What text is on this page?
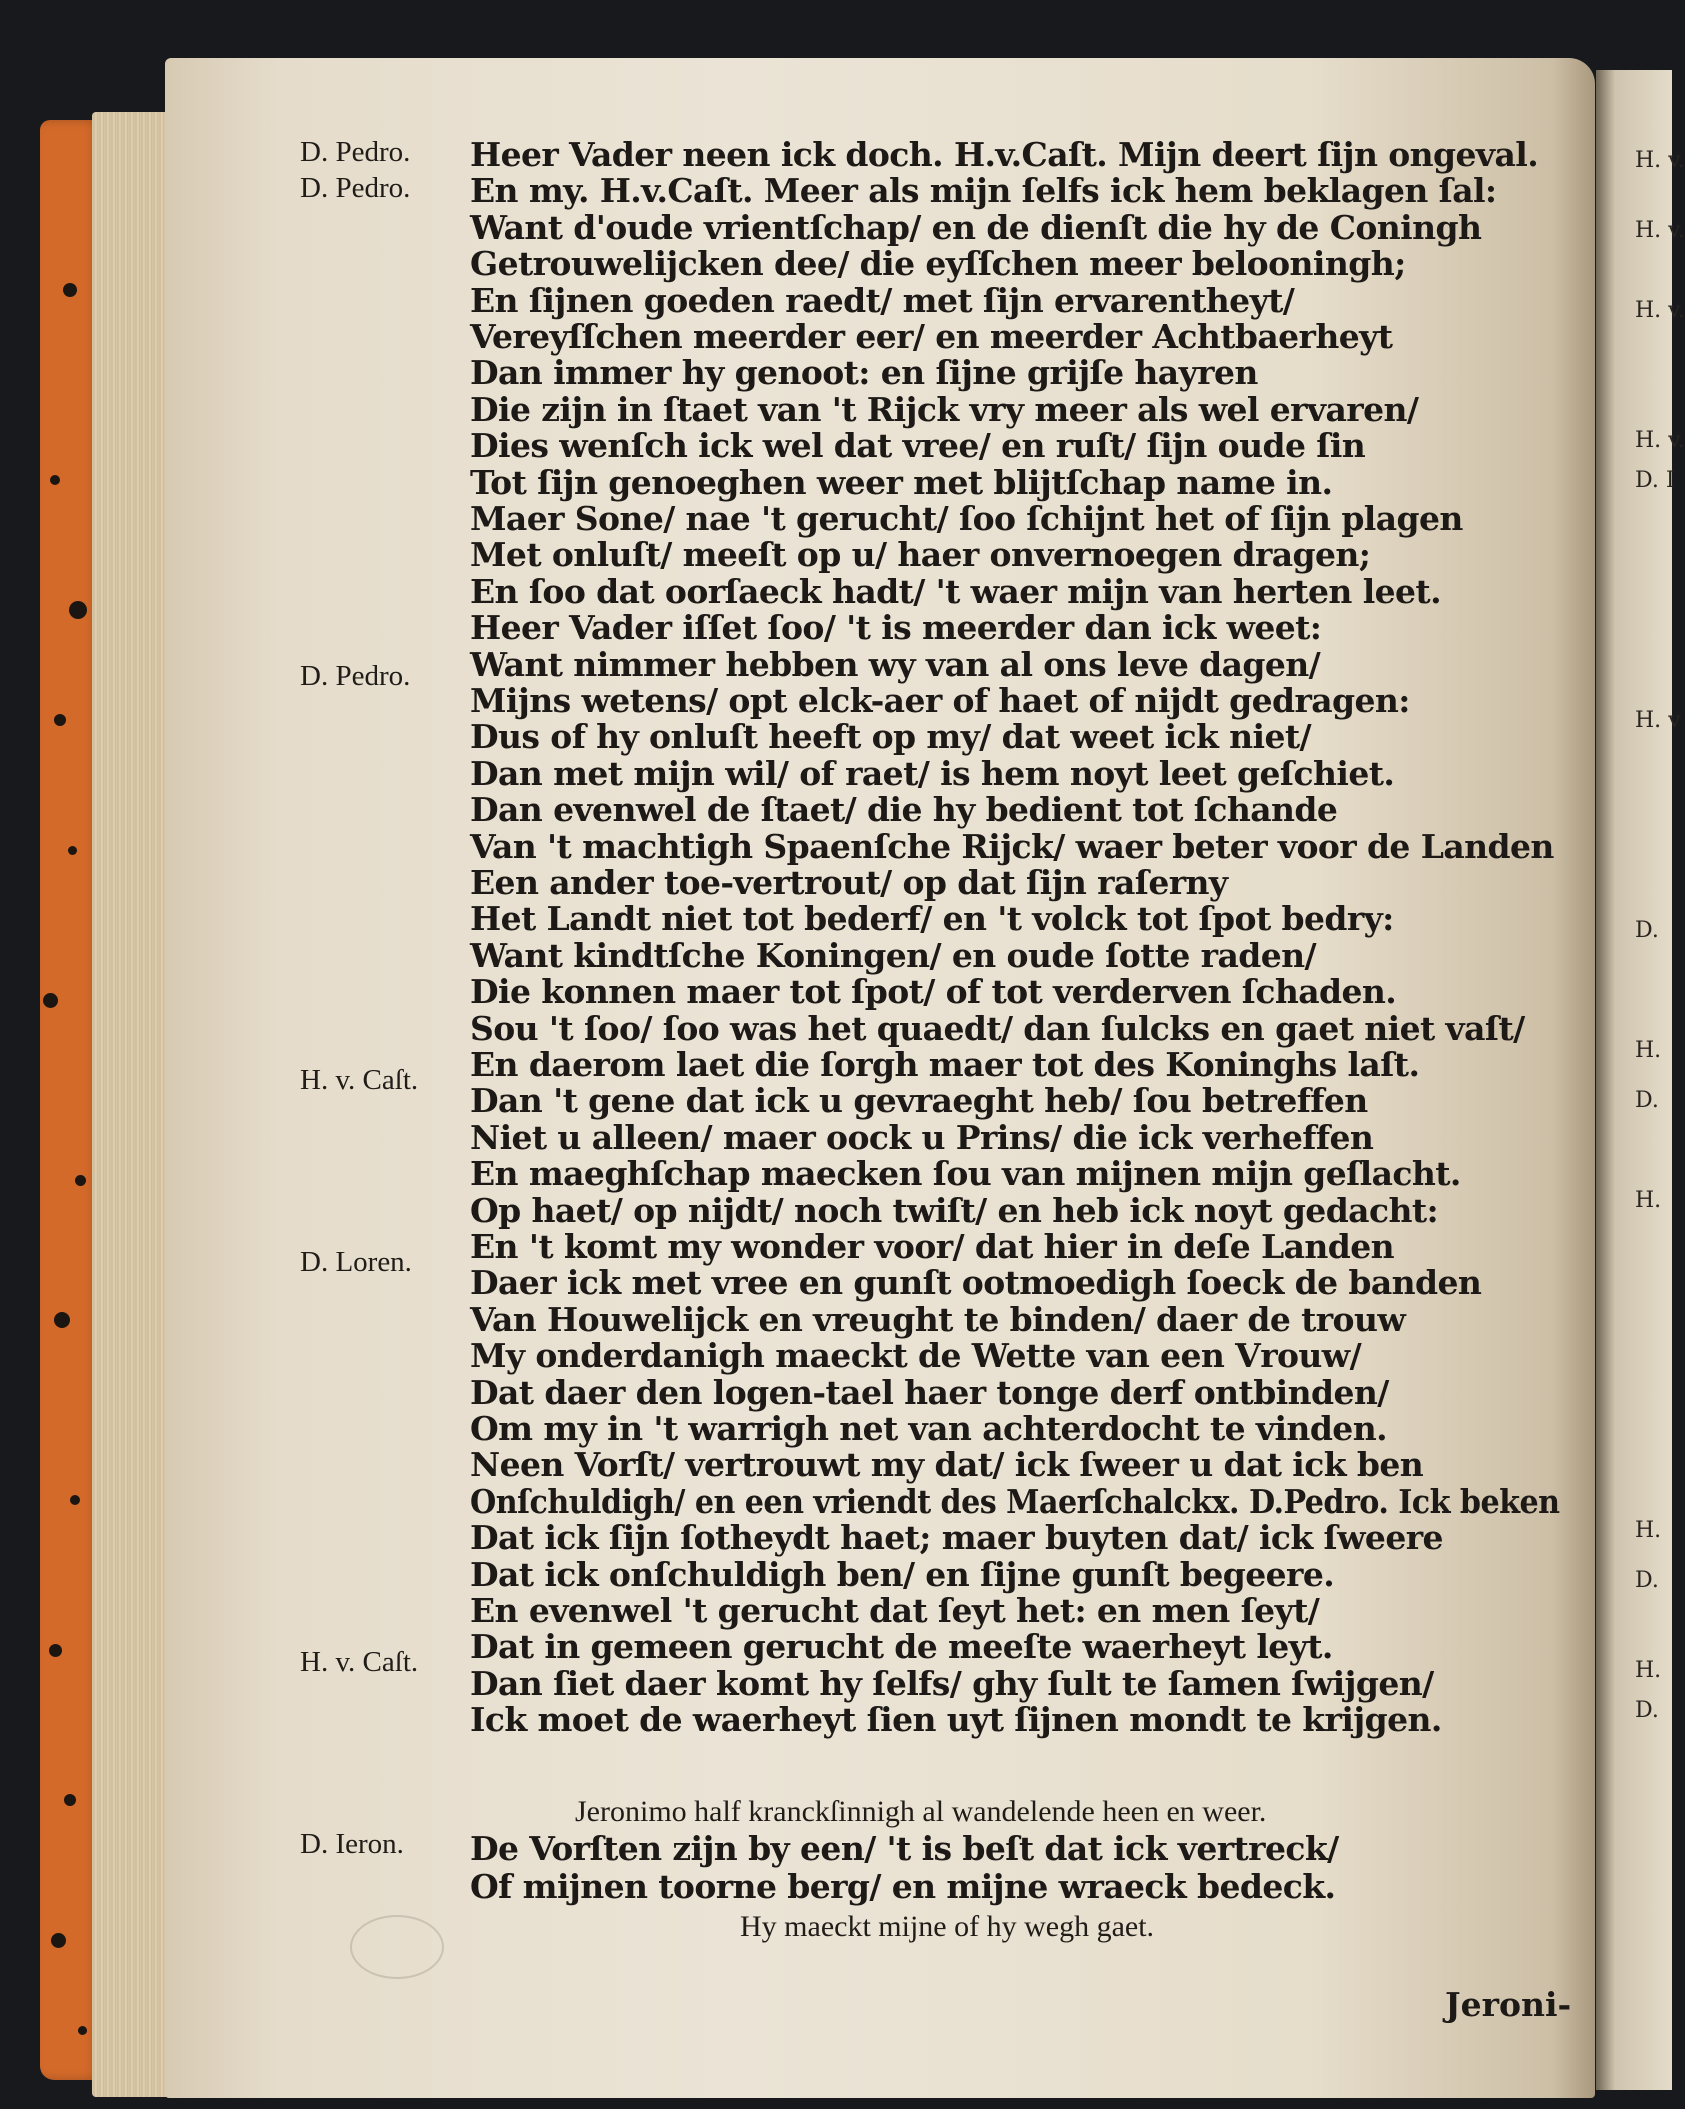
H. v.
H. v.
H. v.
H. v.
D. I
H. v
D.
H.
D.
H.
H.
D.
H.
D.
D. Pedro.
D. Pedro.
D. Pedro.
H. v. Caſt.
D. Loren.
H. v. Caſt.
D. Ieron.
Heer Vader neen ick doch. H.v.Caſt. Mijn deert ſijn ongeval.
En my. H.v.Caſt. Meer als mijn ſelfs ick hem beklagen ſal:
Want d'oude vrientſchap/ en de dienſt die hy de Coningh
Getrouwelijcken dee/ die eyſſchen meer belooningh;
En ſijnen goeden raedt/ met ſijn ervarentheyt/
Vereyſſchen meerder eer/ en meerder Achtbaerheyt
Dan immer hy genoot: en ſijne grijſe hayren
Die zijn in ſtaet van 't Rijck vry meer als wel ervaren/
Dies wenſch ick wel dat vree/ en ruſt/ ſijn oude ſin
Tot ſijn genoeghen weer met blijtſchap name in.
Maer Sone/ nae 't gerucht/ ſoo ſchijnt het of ſijn plagen
Met onluſt/ meeſt op u/ haer onvernoegen dragen;
En ſoo dat oorſaeck hadt/ 't waer mijn van herten leet.
Heer Vader iſſet ſoo/ 't is meerder dan ick weet:
Want nimmer hebben wy van al ons leve dagen/
Mijns wetens/ opt elck-aer of haet of nijdt gedragen:
Dus of hy onluſt heeft op my/ dat weet ick niet/
Dan met mijn wil/ of raet/ is hem noyt leet geſchiet.
Dan evenwel de ſtaet/ die hy bedient tot ſchande
Van 't machtigh Spaenſche Rijck/ waer beter voor de Landen
Een ander toe-vertrout/ op dat ſijn raſerny
Het Landt niet tot bederf/ en 't volck tot ſpot bedry:
Want kindtſche Koningen/ en oude ſotte raden/
Die konnen maer tot ſpot/ of tot verderven ſchaden.
Sou 't ſoo/ ſoo was het quaedt/ dan ſulcks en gaet niet vaſt/
En daerom laet die ſorgh maer tot des Koninghs laſt.
Dan 't gene dat ick u gevraeght heb/ ſou betreffen
Niet u alleen/ maer oock u Prins/ die ick verheffen
En maeghſchap maecken ſou van mijnen mijn geſlacht.
Op haet/ op nijdt/ noch twiſt/ en heb ick noyt gedacht:
En 't komt my wonder voor/ dat hier in deſe Landen
Daer ick met vree en gunſt ootmoedigh ſoeck de banden
Van Houwelijck en vreught te binden/ daer de trouw
My onderdanigh maeckt de Wette van een Vrouw/
Dat daer den logen-tael haer tonge derf ontbinden/
Om my in 't warrigh net van achterdocht te vinden.
Neen Vorſt/ vertrouwt my dat/ ick ſweer u dat ick ben
Onſchuldigh/ en een vriendt des Maerſchalckx. D.Pedro. Ick beken
Dat ick ſijn ſotheydt haet; maer buyten dat/ ick ſweere
Dat ick onſchuldigh ben/ en ſijne gunſt begeere.
En evenwel 't gerucht dat ſeyt het: en men ſeyt/
Dat in gemeen gerucht de meeſte waerheyt leyt.
Dan ſiet daer komt hy ſelfs/ ghy ſult te ſamen ſwijgen/
Ick moet de waerheyt ſien uyt ſijnen mondt te krijgen.
Jeronimo half kranckſinnigh al wandelende heen en weer.
De Vorſten zijn by een/ 't is beſt dat ick vertreck/
Of mijnen toorne berg/ en mijne wraeck bedeck.
Hy maeckt mijne of hy wegh gaet.
Jeroni-
